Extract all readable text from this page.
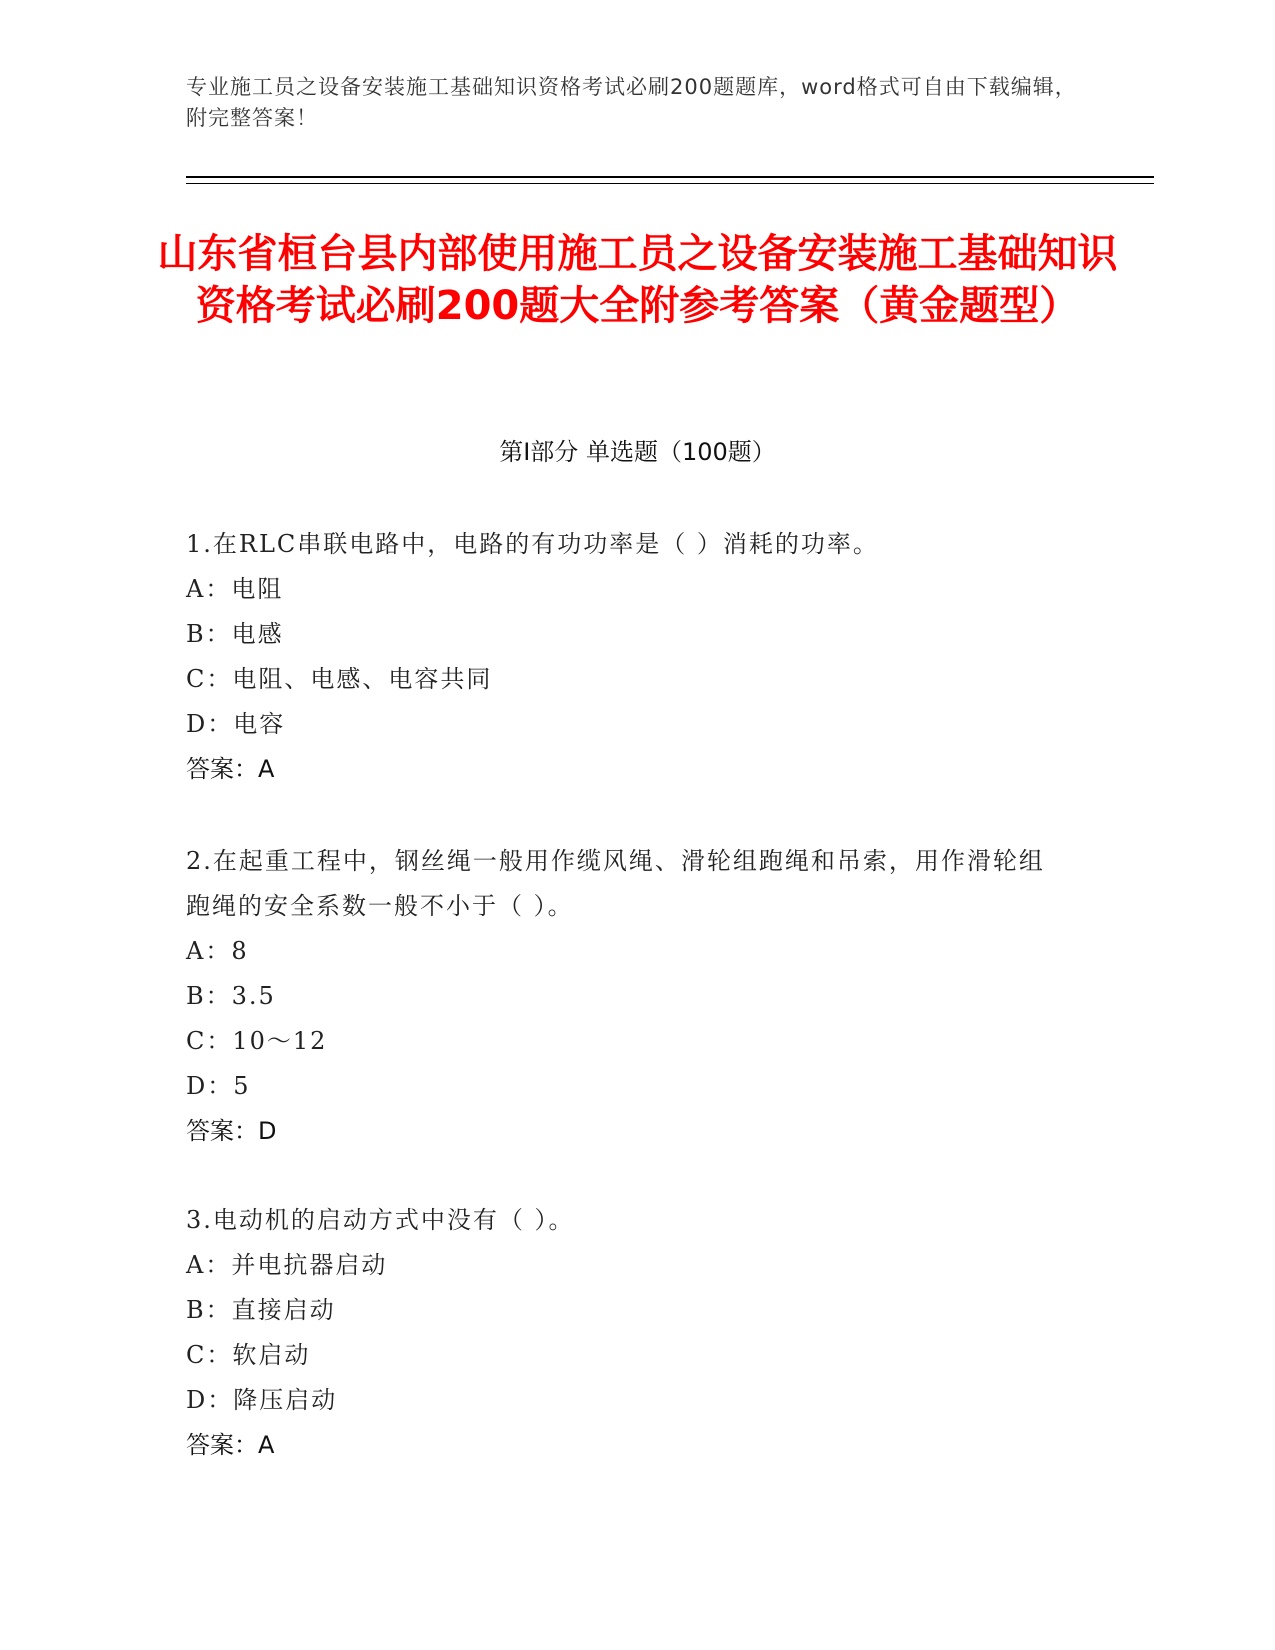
专业施工员之设备安装施工基础知识资格考试必刷200题题库，word格式可自由下载编辑，附完整答案！
山东省桓台县内部使用施工员之设备安装施工基础知识资格考试必刷200题大全附参考答案（黄金题型）
第Ⅰ部分 单选题（100题）
1.在RLC串联电路中，电路的有功功率是（ ）消耗的功率。
A：电阻
B：电感
C：电阻、电感、电容共同
D：电容
答案：A
2.在起重工程中，钢丝绳一般用作缆风绳、滑轮组跑绳和吊索，用作滑轮组跑绳的安全系数一般不小于（ ）。
A：8
B：3.5
C：10～12
D：5
答案：D
3.电动机的启动方式中没有（ ）。
A：并电抗器启动
B：直接启动
C：软启动
D：降压启动
答案：A
